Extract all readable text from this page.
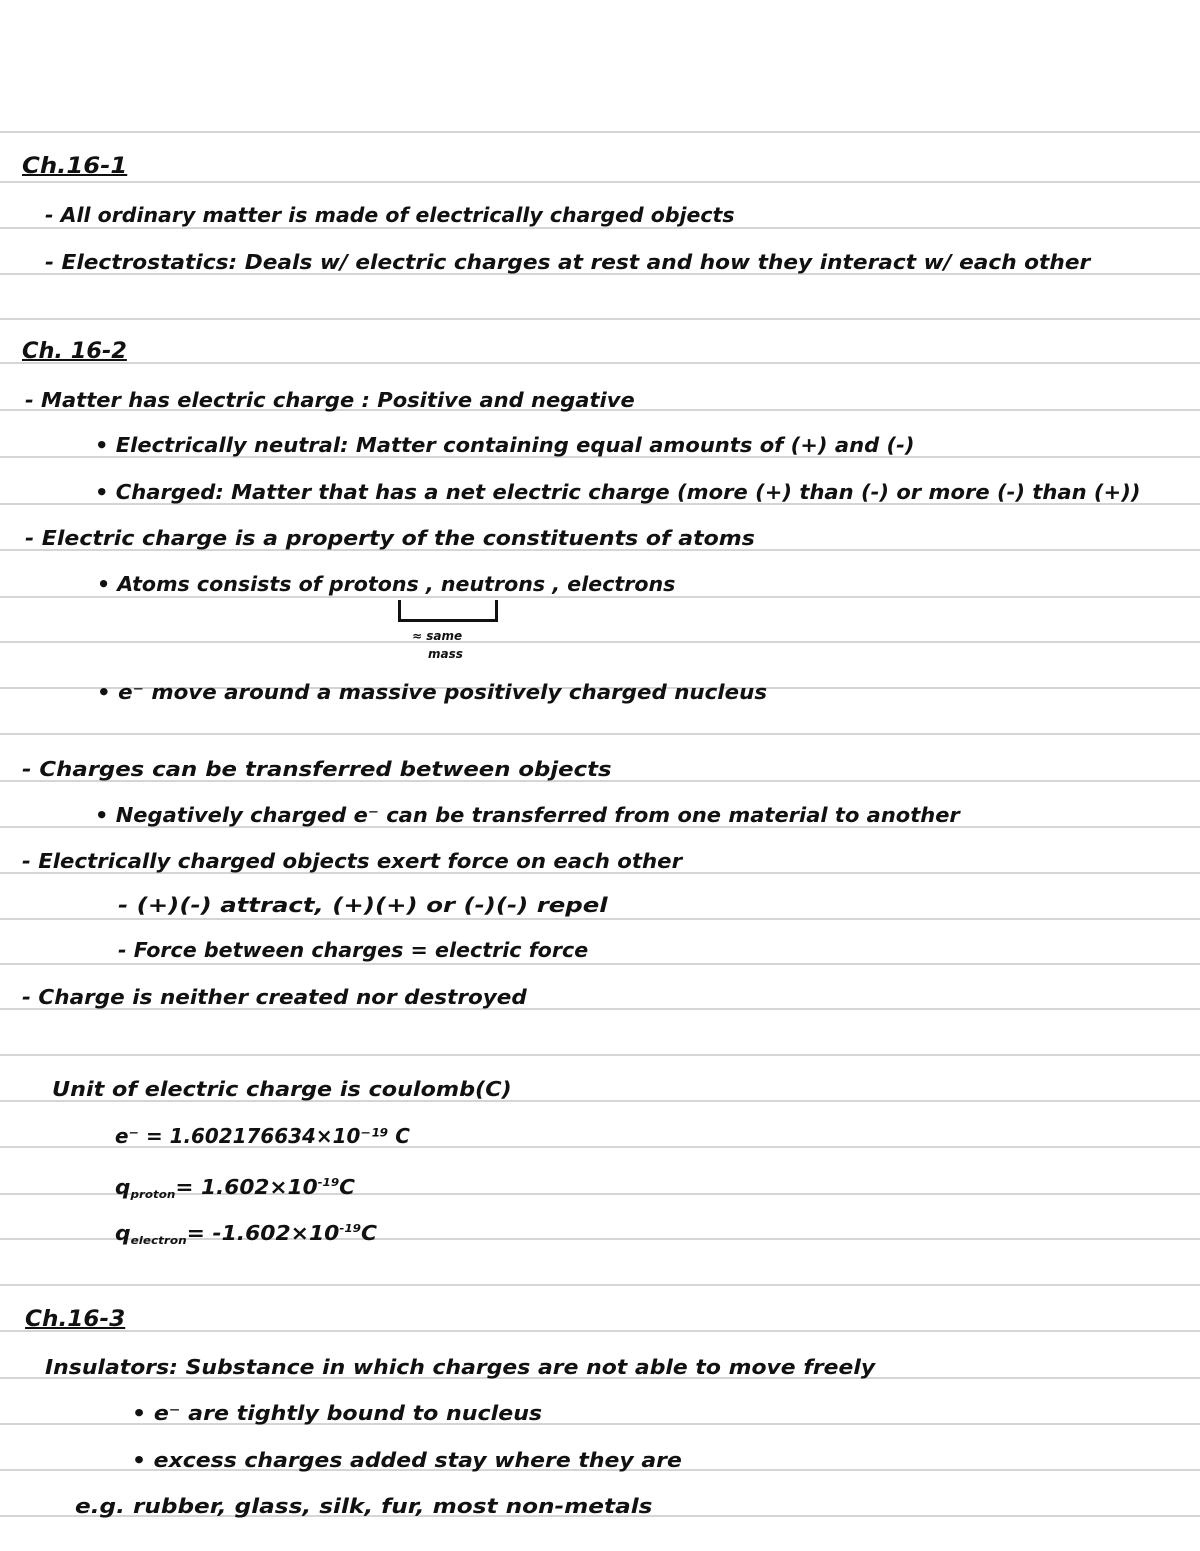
Ch.16-1
- All ordinary matter is made of electrically charged objects
- Electrostatics: Deals w/ electric charges at rest and how they interact w/ each other
Ch. 16-2
- Matter has electric charge : Positive and negative
• Electrically neutral: Matter containing equal amounts of (+) and (-)
• Charged: Matter that has a net electric charge (more (+) than (-) or more (-) than (+))
- Electric charge is a property of the constituents of atoms
• Atoms consists of protons , neutrons , electrons
≈ same
mass
• e⁻ move around a massive positively charged nucleus
- Charges can be transferred between objects
• Negatively charged e⁻ can be transferred from one material to another
- Electrically charged objects exert force on each other
- (+)(-) attract, (+)(+) or (-)(-) repel
- Force between charges = electric force
- Charge is neither created nor destroyed
Unit of electric charge is coulomb(C)
e⁻ = 1.602176634×10⁻¹⁹ C
$q_{proton}= 1.602\times 10^{-19}C$
$q_{electron}= -1.602\times 10^{-19}C$
Ch.16-3
Insulators: Substance in which charges are not able to move freely
• e⁻ are tightly bound to nucleus
• excess charges added stay where they are
e.g. rubber, glass, silk, fur, most non-metals
